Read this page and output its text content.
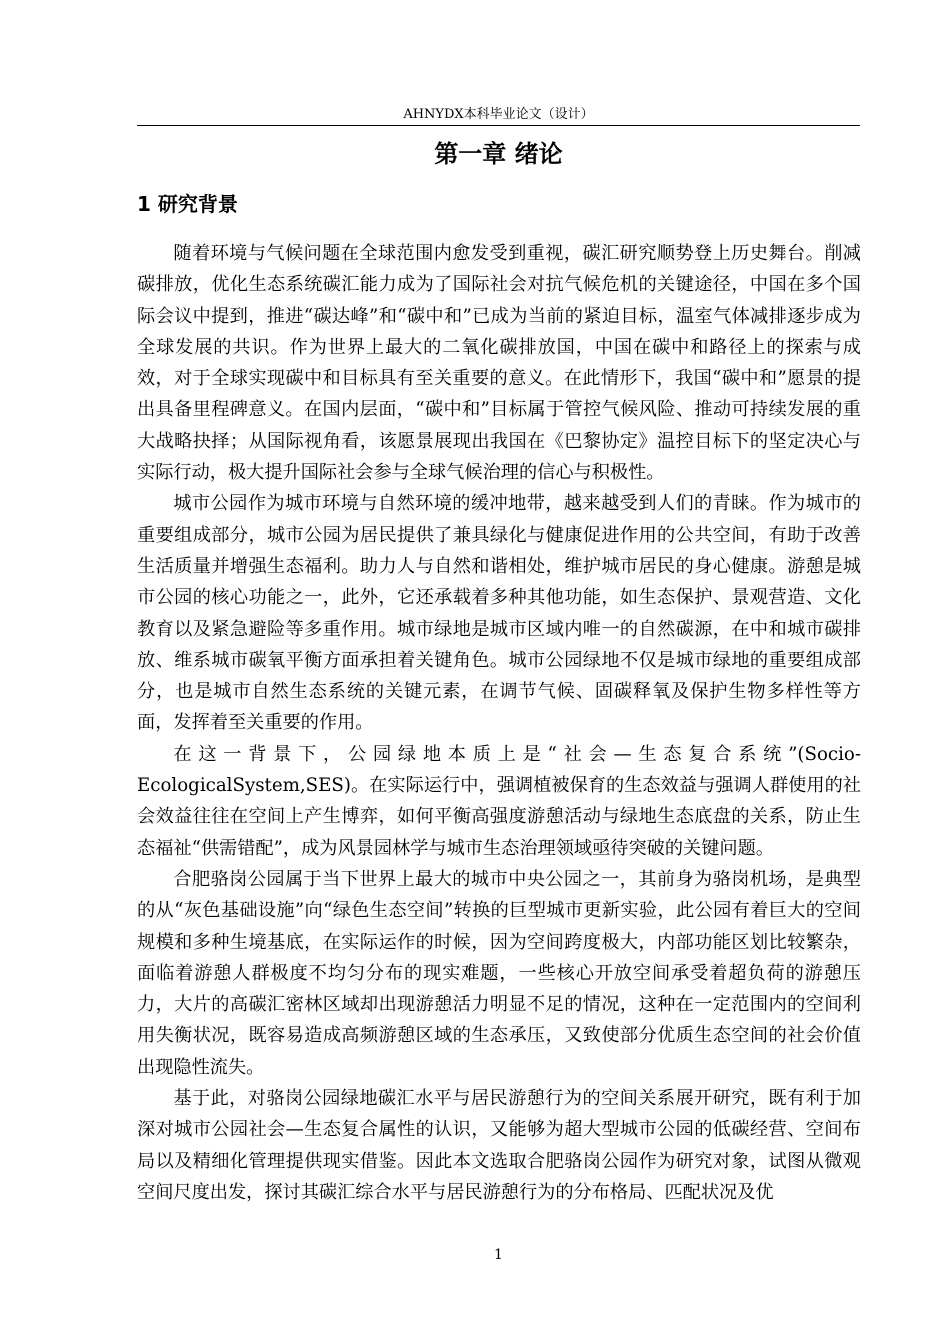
AHNYDX本科毕业论文（设计）
第一章 绪论
1 研究背景

随着环境与气候问题在全球范围内愈发受到重视，碳汇研究顺势登上历史舞台。削减碳排放，优化生态系统碳汇能力成为了国际社会对抗气候危机的关键途径，中国在多个国际会议中提到，推进“碳达峰”和“碳中和”已成为当前的紧迫目标，温室气体减排逐步成为全球发展的共识。作为世界上最大的二氧化碳排放国，中国在碳中和路径上的探索与成效，对于全球实现碳中和目标具有至关重要的意义。在此情形下，我国“碳中和”愿景的提出具备里程碑意义。在国内层面，“碳中和”目标属于管控气候风险、推动可持续发展的重大战略抉择；从国际视角看，该愿景展现出我国在《巴黎协定》温控目标下的坚定决心与实际行动，极大提升国际社会参与全球气候治理的信心与积极性。

城市公园作为城市环境与自然环境的缓冲地带，越来越受到人们的青睐。作为城市的重要组成部分，城市公园为居民提供了兼具绿化与健康促进作用的公共空间，有助于改善生活质量并增强生态福利。助力人与自然和谐相处，维护城市居民的身心健康。游憩是城市公园的核心功能之一，此外，它还承载着多种其他功能，如生态保护、景观营造、文化教育以及紧急避险等多重作用。城市绿地是城市区域内唯一的自然碳源，在中和城市碳排放、维系城市碳氧平衡方面承担着关键角色。城市公园绿地不仅是城市绿地的重要组成部分，也是城市自然生态系统的关键元素，在调节气候、固碳释氧及保护生物多样性等方面，发挥着至关重要的作用。

在这一背景下，公园绿地本质上是“社会—生态复合系统”(Socio-EcologicalSystem,SES)。在实际运行中，强调植被保育的生态效益与强调人群使用的社会效益往往在空间上产生博弈，如何平衡高强度游憩活动与绿地生态底盘的关系，防止生态福祉“供需错配”，成为风景园林学与城市生态治理领域亟待突破的关键问题。

合肥骆岗公园属于当下世界上最大的城市中央公园之一，其前身为骆岗机场，是典型的从“灰色基础设施”向“绿色生态空间”转换的巨型城市更新实验，此公园有着巨大的空间规模和多种生境基底，在实际运作的时候，因为空间跨度极大，内部功能区划比较繁杂，面临着游憩人群极度不均匀分布的现实难题，一些核心开放空间承受着超负荷的游憩压力，大片的高碳汇密林区域却出现游憩活力明显不足的情况，这种在一定范围内的空间利用失衡状况，既容易造成高频游憩区域的生态承压，又致使部分优质生态空间的社会价值出现隐性流失。

基于此，对骆岗公园绿地碳汇水平与居民游憩行为的空间关系展开研究，既有利于加深对城市公园社会—生态复合属性的认识，又能够为超大型城市公园的低碳经营、空间布局以及精细化管理提供现实借鉴。因此本文选取合肥骆岗公园作为研究对象，试图从微观空间尺度出发，探讨其碳汇综合水平与居民游憩行为的分布格局、匹配状况及优

1
